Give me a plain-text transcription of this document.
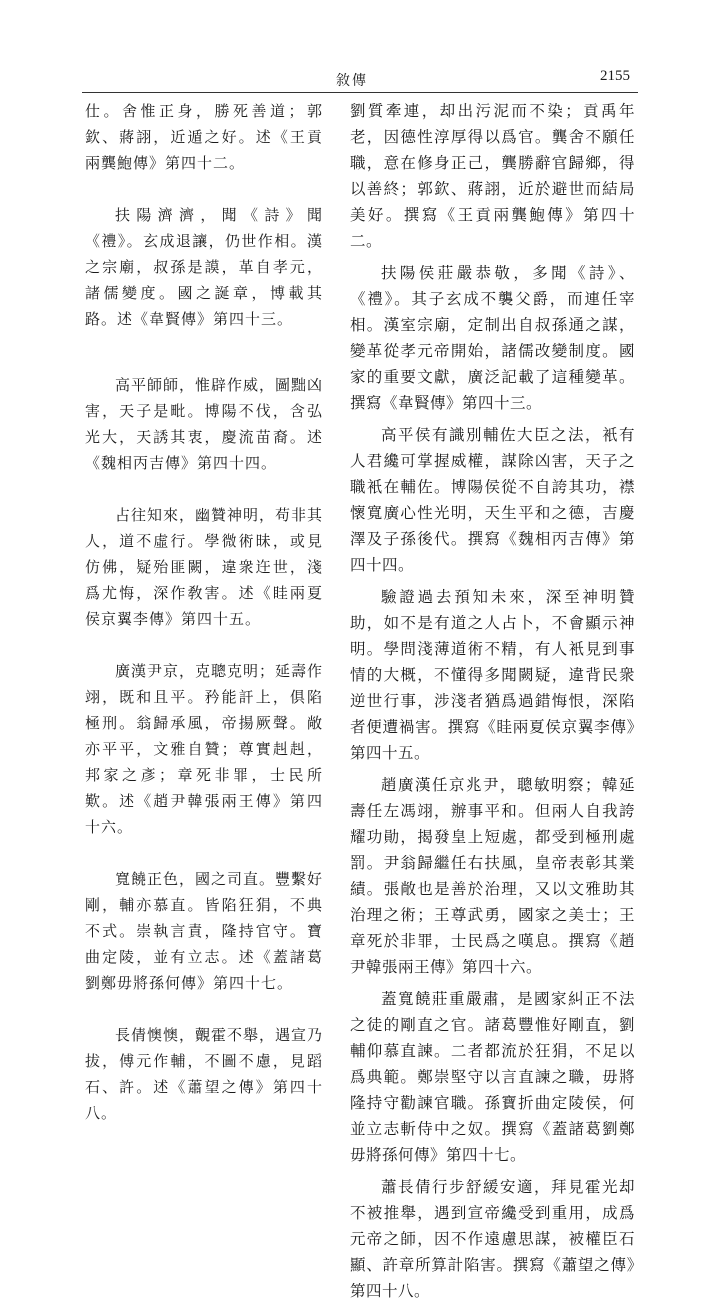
敘傳	2155

仕。舍惟正身，勝死善道；郭欽、蔣詡，近遁之好。述《王貢兩龔鮑傳》第四十二。

扶陽濟濟，聞《詩》聞《禮》。玄成退讓，仍世作相。漢之宗廟，叔孫是謨，革自孝元，諸儒變度。國之誕章，博載其路。述《韋賢傳》第四十三。

高平師師，惟辟作威，圖黜凶害，天子是毗。博陽不伐，含弘光大，天誘其衷，慶流苗裔。述《魏相丙吉傳》第四十四。

占往知來，幽贊神明，苟非其人，道不虛行。學微術昧，或見仿佛，疑殆匪闕，違衆迕世，淺爲尤悔，深作敎害。述《眭兩夏侯京翼李傳》第四十五。

廣漢尹京，克聰克明；延壽作翊，既和且平。矜能訐上，俱陷極刑。翁歸承風，帝揚厥聲。敞亦平平，文雅自贊；尊實赳赳，邦家之彥；章死非罪，士民所歎。述《趙尹韓張兩王傳》第四十六。

寬饒正色，國之司直。豐繫好剛，輔亦慕直。皆陷狂狷，不典不式。崇執言責，隆持官守。寶曲定陵，並有立志。述《蓋諸葛劉鄭毋將孫何傳》第四十七。

長倩懊懊，覿霍不舉，遇宣乃拔，傅元作輔，不圖不慮，見蹈石、許。述《蕭望之傳》第四十八。

劉質牽連，却出污泥而不染；貢禹年老，因德性淳厚得以爲官。龔舍不願任職，意在修身正己，龔勝辭官歸鄉，得以善終；郭欽、蔣詡，近於避世而結局美好。撰寫《王貢兩龔鮑傳》第四十二。

扶陽侯莊嚴恭敬，多聞《詩》、《禮》。其子玄成不襲父爵，而連任宰相。漢室宗廟，定制出自叔孫通之謀，變革從孝元帝開始，諸儒改變制度。國家的重要文獻，廣泛記載了這種變革。撰寫《韋賢傳》第四十三。

高平侯有識別輔佐大臣之法，衹有人君纔可掌握威權，謀除凶害，天子之職衹在輔佐。博陽侯從不自誇其功，襟懷寬廣心性光明，天生平和之德，吉慶澤及子孫後代。撰寫《魏相丙吉傳》第四十四。

驗證過去預知未來，深至神明贊助，如不是有道之人占卜，不會顯示神明。學問淺薄道術不精，有人衹見到事情的大概，不懂得多聞闕疑，違背民衆逆世行事，涉淺者猶爲過錯悔恨，深陷者便遭禍害。撰寫《眭兩夏侯京翼李傳》第四十五。

趙廣漢任京兆尹，聰敏明察；韓延壽任左馮翊，辦事平和。但兩人自我誇耀功勛，揭發皇上短處，都受到極刑處罰。尹翁歸繼任右扶風，皇帝表彰其業績。張敞也是善於治理，又以文雅助其治理之術；王尊武勇，國家之美士；王章死於非罪，士民爲之嘆息。撰寫《趙尹韓張兩王傳》第四十六。

蓋寬饒莊重嚴肅，是國家糾正不法之徒的剛直之官。諸葛豐惟好剛直，劉輔仰慕直諫。二者都流於狂狷，不足以爲典範。鄭崇堅守以言直諫之職，毋將隆持守勸諫官職。孫寶折曲定陵侯，何並立志斬侍中之奴。撰寫《蓋諸葛劉鄭毋將孫何傳》第四十七。

蕭長倩行步舒緩安適，拜見霍光却不被推舉，遇到宣帝纔受到重用，成爲元帝之師，因不作遠慮思謀，被權臣石顯、許章所算計陷害。撰寫《蕭望之傳》第四十八。
